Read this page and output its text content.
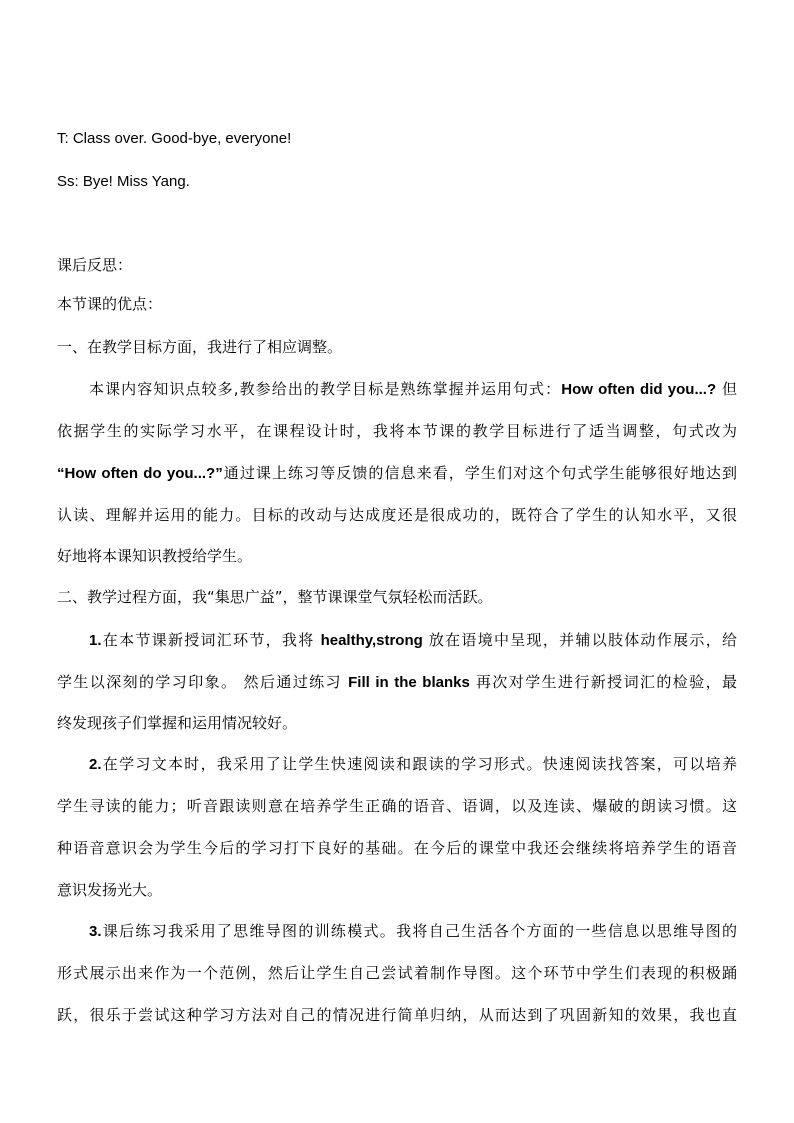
T: Class over. Good-bye, everyone!
Ss: Bye! Miss Yang.
课后反思：
本节课的优点：
一、在教学目标方面，我进行了相应调整。
本课内容知识点较多,教参给出的教学目标是熟练掌握并运用句式：How often did you...? 但
依据学生的实际学习水平，在课程设计时，我将本节课的教学目标进行了适当调整，句式改为
“How often do you...?”通过课上练习等反馈的信息来看，学生们对这个句式学生能够很好地达到
认读、理解并运用的能力。目标的改动与达成度还是很成功的，既符合了学生的认知水平，又很
好地将本课知识教授给学生。
二、教学过程方面，我“集思广益”，整节课课堂气氛轻松而活跃。
1.在本节课新授词汇环节，我将 healthy,strong 放在语境中呈现，并辅以肢体动作展示，给
学生以深刻的学习印象。 然后通过练习 Fill in the blanks 再次对学生进行新授词汇的检验，最
终发现孩子们掌握和运用情况较好。
2.在学习文本时，我采用了让学生快速阅读和跟读的学习形式。快速阅读找答案，可以培养
学生寻读的能力；听音跟读则意在培养学生正确的语音、语调，以及连读、爆破的朗读习惯。这
种语音意识会为学生今后的学习打下良好的基础。在今后的课堂中我还会继续将培养学生的语音
意识发扬光大。
3.课后练习我采用了思维导图的训练模式。我将自己生活各个方面的一些信息以思维导图的
形式展示出来作为一个范例，然后让学生自己尝试着制作导图。这个环节中学生们表现的积极踊
跃，很乐于尝试这种学习方法对自己的情况进行简单归纳，从而达到了巩固新知的效果，我也直
